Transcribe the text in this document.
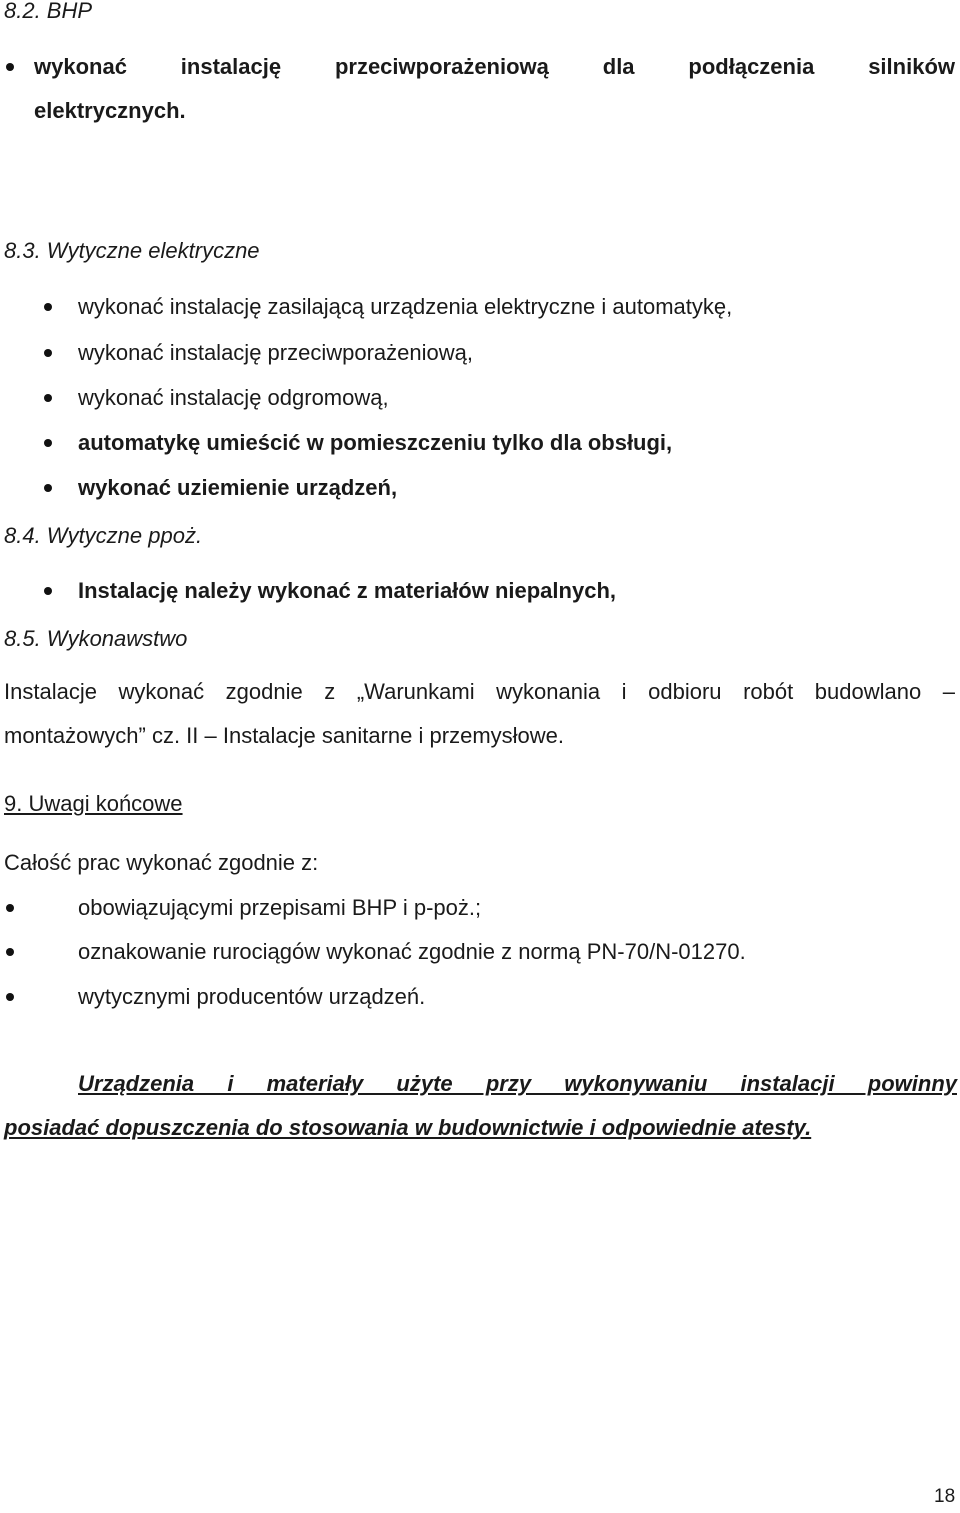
8.2. BHP
wykonać instalację przeciwporażeniową dla podłączenia silników
elektrycznych.
8.3. Wytyczne elektryczne
wykonać instalację zasilającą urządzenia elektryczne i automatykę,
wykonać instalację przeciwporażeniową,
wykonać instalację odgromową,
automatykę umieścić w pomieszczeniu tylko dla obsługi,
wykonać uziemienie urządzeń,
8.4. Wytyczne ppoż.
Instalację należy wykonać z materiałów niepalnych,
8.5. Wykonawstwo
Instalacje wykonać zgodnie z „Warunkami wykonania i odbioru robót budowlano –
montażowych” cz. II – Instalacje sanitarne i przemysłowe.
9. Uwagi końcowe
Całość prac wykonać zgodnie z:
obowiązującymi przepisami BHP i p-poż.;
oznakowanie rurociągów wykonać zgodnie z normą PN-70/N-01270.
wytycznymi producentów urządzeń.
Urządzenia i materiały użyte przy wykonywaniu instalacji powinny
posiadać dopuszczenia do stosowania w budownictwie i odpowiednie atesty.
18
